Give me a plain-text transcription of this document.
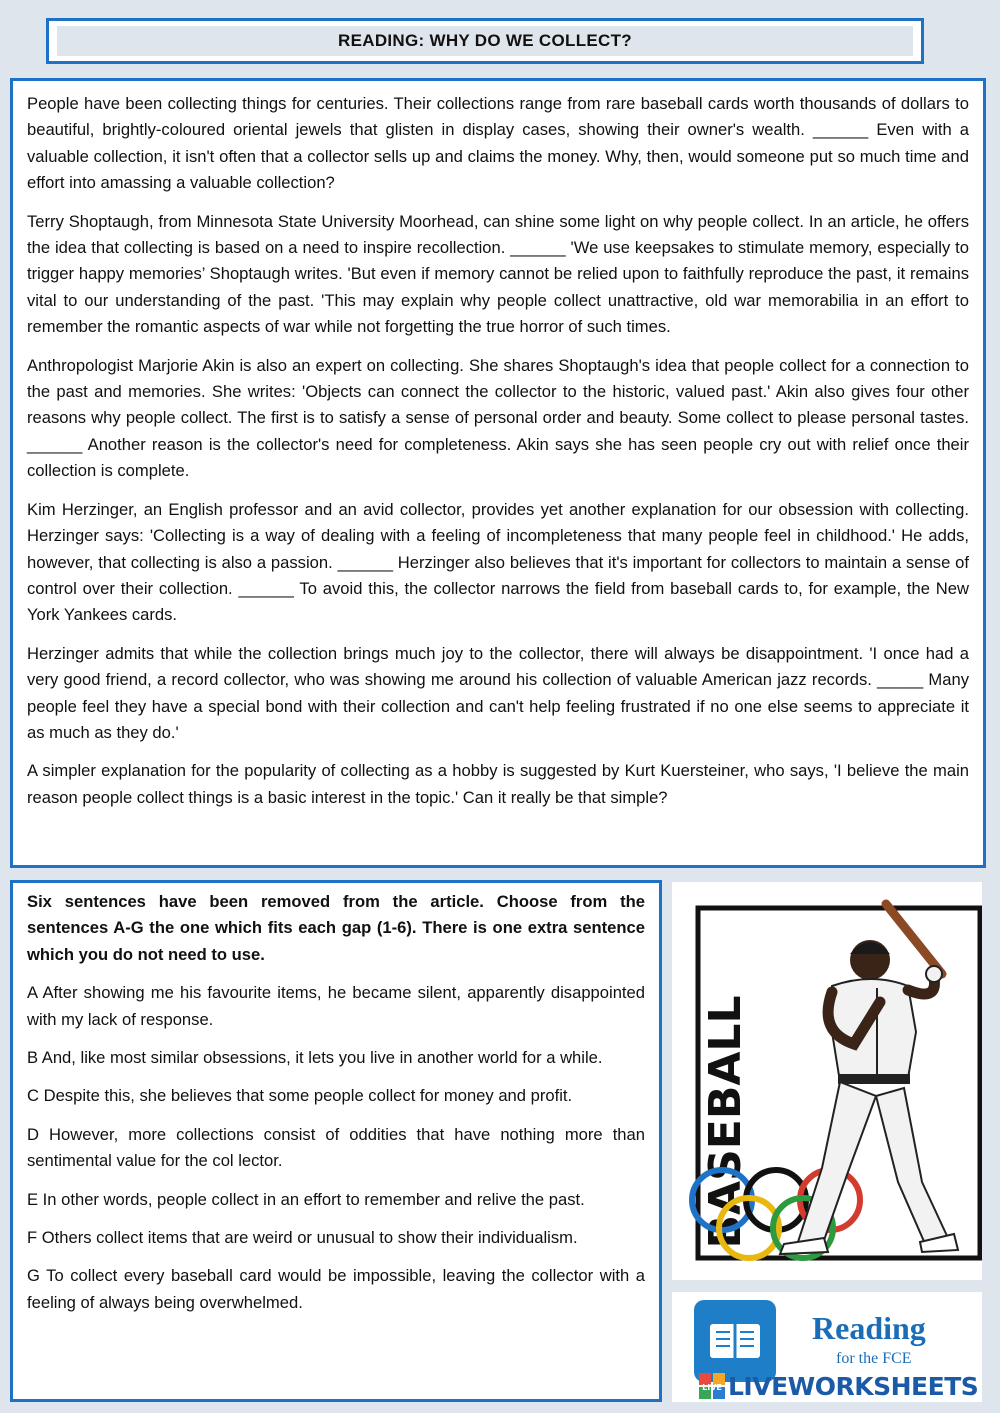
READING: WHY DO WE COLLECT?

People have been collecting things for centuries. Their collections range from rare baseball cards worth thousands of dollars to beautiful, brightly-coloured oriental jewels that glisten in display cases, showing their owner's wealth. ______ Even with a valuable collection, it isn't often that a collector sells up and claims the money. Why, then, would someone put so much time and effort into amassing a valuable collection?

Terry Shoptaugh, from Minnesota State University Moorhead, can shine some light on why people collect. In an article, he offers the idea that collecting is based on a need to inspire recollection. ______ 'We use keepsakes to stimulate memory, especially to trigger happy memories’ Shoptaugh writes. 'But even if memory cannot be relied upon to faithfully reproduce the past, it remains vital to our understanding of the past. 'This may explain why people collect unattractive, old war memorabilia in an effort to remember the romantic aspects of war while not forgetting the true horror of such times.

Anthropologist Marjorie Akin is also an expert on collecting. She shares Shoptaugh's idea that people collect for a connection to the past and memories. She writes: 'Objects can connect the collector to the historic, valued past.' Akin also gives four other reasons why people collect. The first is to satisfy a sense of personal order and beauty. Some collect to please personal tastes. ______ Another reason is the collector's need for completeness. Akin says she has seen people cry out with relief once their collection is complete.

Kim Herzinger, an English professor and an avid collector, provides yet another explanation for our obsession with collecting. Herzinger says: 'Collecting is a way of dealing with a feeling of incompleteness that many people feel in childhood.' He adds, however, that collecting is also a passion. ______ Herzinger also believes that it's important for collectors to maintain a sense of control over their collection. ______ To avoid this, the collector narrows the field from baseball cards to, for example, the New York Yankees cards.

Herzinger admits that while the collection brings much joy to the collector, there will always be disappointment. 'I once had a very good friend, a record collector, who was showing me around his collection of valuable American jazz records. _____ Many people feel they have a special bond with their collection and can't help feeling frustrated if no one else seems to appreciate it as much as they do.'

A simpler explanation for the popularity of collecting as a hobby is suggested by Kurt Kuersteiner, who says, 'I believe the main reason people collect things is a basic interest in the topic.' Can it really be that simple?

Six sentences have been removed from the article. Choose from the sentences A-G the one which fits each gap (1-6). There is one extra sentence which you do not need to use.

A After showing me his favourite items, he became silent, apparently disappointed with my lack of response.

B And, like most similar obsessions, it lets you live in another world for a while.

C Despite this, she believes that some people collect for money and profit.

D However, more collections consist of oddities that have nothing more than sentimental value for the col lector.

E In other words, people collect in an effort to remember and relive the past.

F Others collect items that are weird or unusual to show their individualism.

G To collect every baseball card would be impossible, leaving the collector with a feeling of always being overwhelmed.

BASEBALL
Reading
for the FCE
LIVE LIVEWORKSHEETS
